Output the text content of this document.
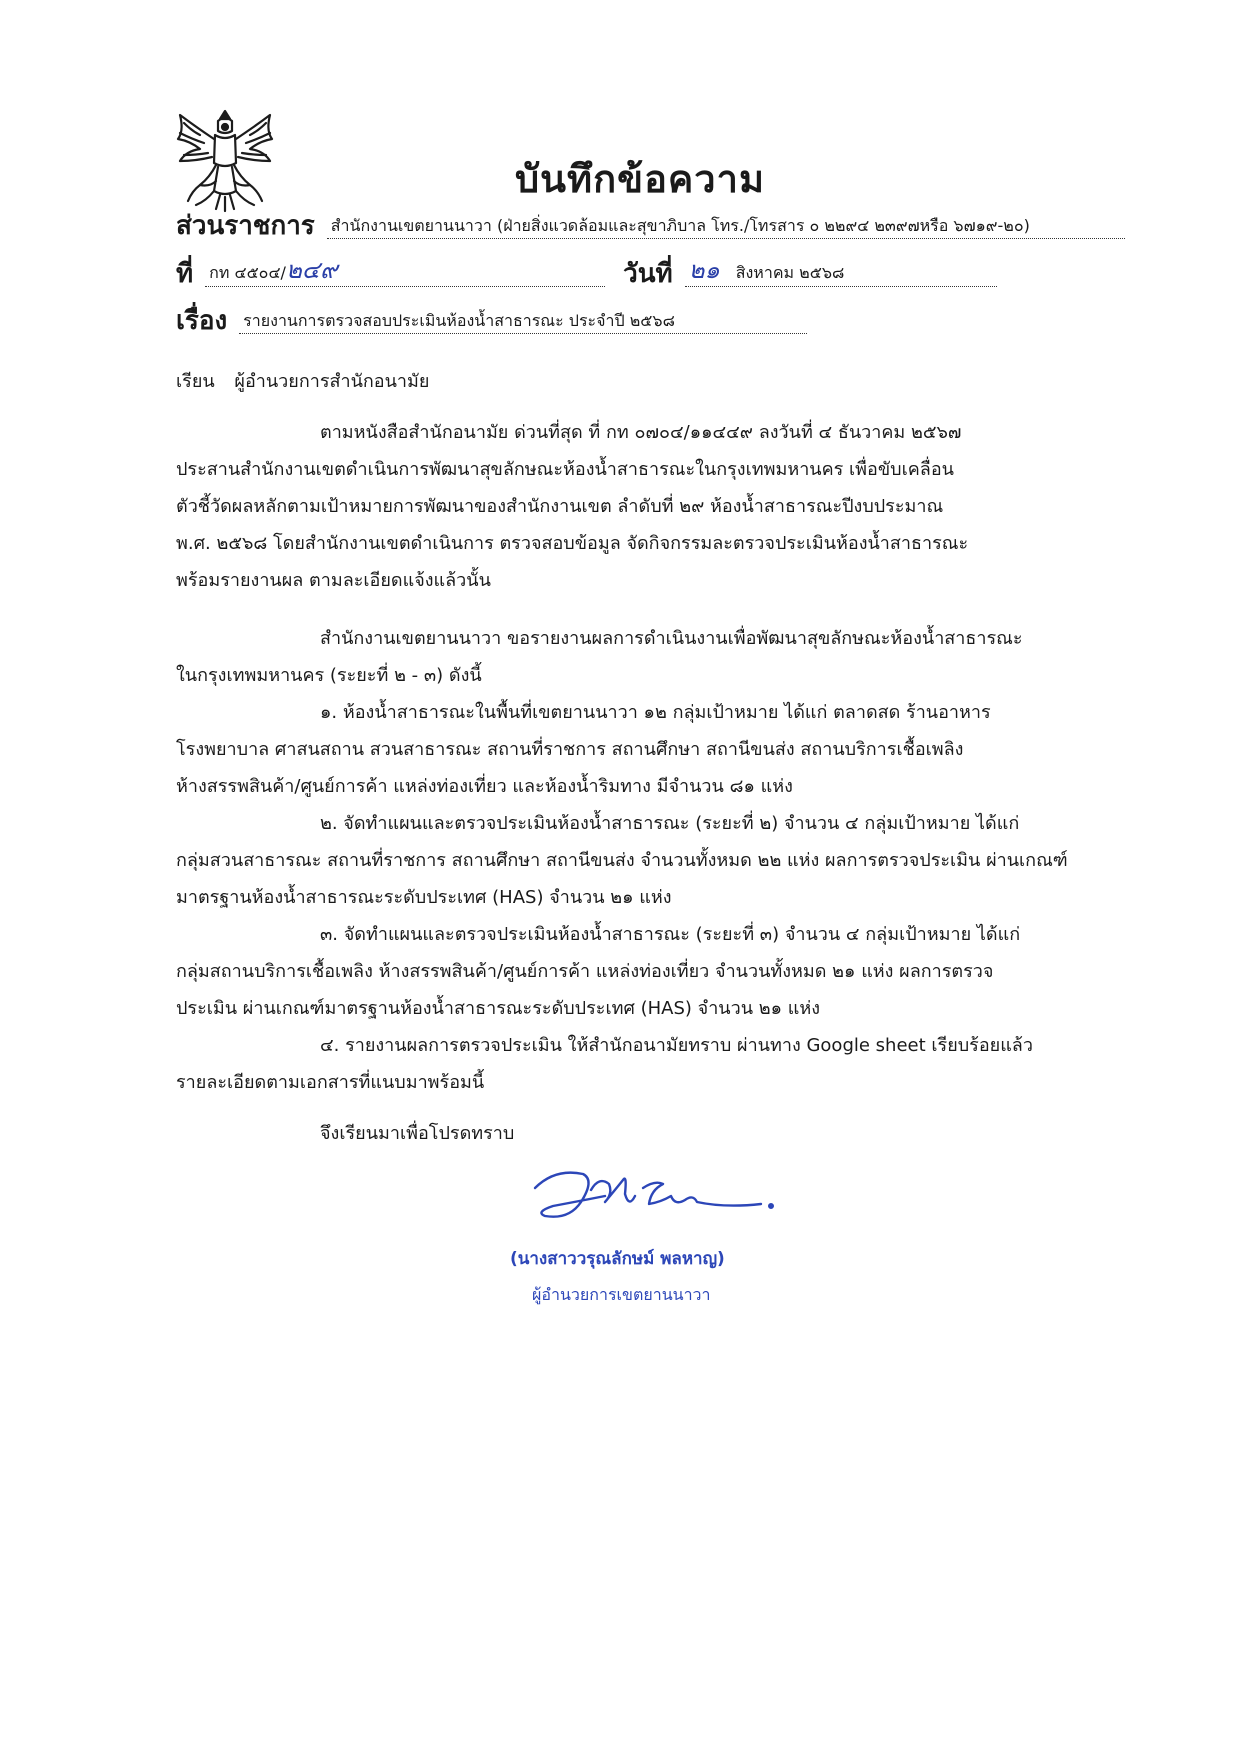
บันทึกข้อความ
ส่วนราชการ สำนักงานเขตยานนาวา (ฝ่ายสิ่งแวดล้อมและสุขาภิบาล โทร./โทรสาร ๐ ๒๒๙๔ ๒๓๙๗หรือ ๖๗๑๙-๒๐)
ที่ กท ๔๕๐๔/๒๔๙	วันที่ ๒๑ สิงหาคม ๒๕๖๘
เรื่อง รายงานการตรวจสอบประเมินห้องน้ำสาธารณะ ประจำปี ๒๕๖๘
เรียน ผู้อำนวยการสำนักอนามัย
ตามหนังสือสำนักอนามัย ด่วนที่สุด ที่ กท ๐๗๐๔/๑๑๔๔๙ ลงวันที่ ๔ ธันวาคม ๒๕๖๗
ประสานสำนักงานเขตดำเนินการพัฒนาสุขลักษณะห้องน้ำสาธารณะในกรุงเทพมหานคร เพื่อขับเคลื่อน
ตัวชี้วัดผลหลักตามเป้าหมายการพัฒนาของสำนักงานเขต ลำดับที่ ๒๙ ห้องน้ำสาธารณะปีงบประมาณ
พ.ศ. ๒๕๖๘ โดยสำนักงานเขตดำเนินการ ตรวจสอบข้อมูล จัดกิจกรรมละตรวจประเมินห้องน้ำสาธารณะ
พร้อมรายงานผล ตามละเอียดแจ้งแล้วนั้น
สำนักงานเขตยานนาวา ขอรายงานผลการดำเนินงานเพื่อพัฒนาสุขลักษณะห้องน้ำสาธารณะ
ในกรุงเทพมหานคร (ระยะที่ ๒ - ๓) ดังนี้
๑. ห้องน้ำสาธารณะในพื้นที่เขตยานนาวา ๑๒ กลุ่มเป้าหมาย ได้แก่ ตลาดสด ร้านอาหาร
โรงพยาบาล ศาสนสถาน สวนสาธารณะ สถานที่ราชการ สถานศึกษา สถานีขนส่ง สถานบริการเชื้อเพลิง
ห้างสรรพสินค้า/ศูนย์การค้า แหล่งท่องเที่ยว และห้องน้ำริมทาง มีจำนวน ๘๑ แห่ง
๒. จัดทำแผนและตรวจประเมินห้องน้ำสาธารณะ (ระยะที่ ๒) จำนวน ๔ กลุ่มเป้าหมาย ได้แก่
กลุ่มสวนสาธารณะ สถานที่ราชการ สถานศึกษา สถานีขนส่ง จำนวนทั้งหมด ๒๒ แห่ง ผลการตรวจประเมิน ผ่านเกณฑ์
มาตรฐานห้องน้ำสาธารณะระดับประเทศ (HAS) จำนวน ๒๑ แห่ง
๓. จัดทำแผนและตรวจประเมินห้องน้ำสาธารณะ (ระยะที่ ๓) จำนวน ๔ กลุ่มเป้าหมาย ได้แก่
กลุ่มสถานบริการเชื้อเพลิง ห้างสรรพสินค้า/ศูนย์การค้า แหล่งท่องเที่ยว จำนวนทั้งหมด ๒๑ แห่ง ผลการตรวจ
ประเมิน ผ่านเกณฑ์มาตรฐานห้องน้ำสาธารณะระดับประเทศ (HAS) จำนวน ๒๑ แห่ง
๔. รายงานผลการตรวจประเมิน ให้สำนักอนามัยทราบ ผ่านทาง Google sheet เรียบร้อยแล้ว
รายละเอียดตามเอกสารที่แนบมาพร้อมนี้
จึงเรียนมาเพื่อโปรดทราบ
(นางสาววรุณลักษม์ พลหาญ)
ผู้อำนวยการเขตยานนาวา
